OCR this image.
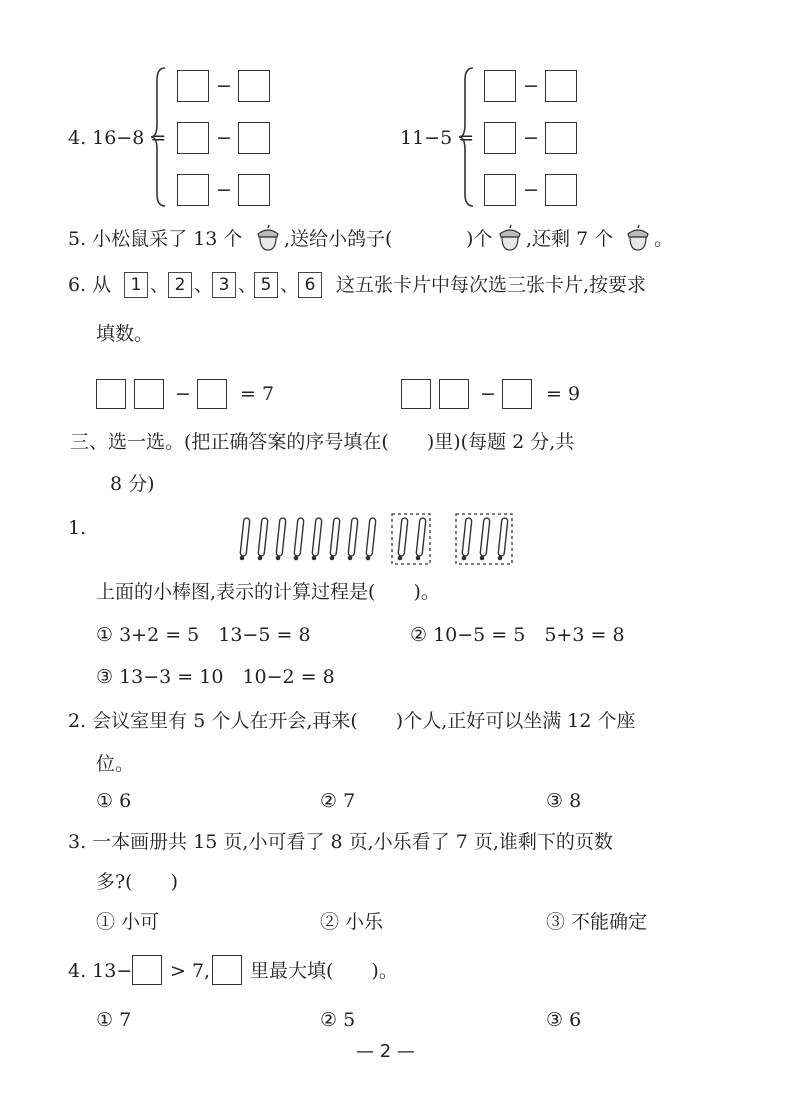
4. 16−8 =
−
−
−
11−5 =
−
−
−
5. 小松鼠采了 13 个 ,送给小鸽子(	)个 ,还剩 7 个 。
6. 从	1 、 2 、 3 、 5 、 6	这五张卡片中每次选三张卡片,按要求
填数。
−	= 7	−	= 9
三、选一选。(把正确答案的序号填在(　　)里)(每题 2 分,共
8 分)
1.
上面的小棒图,表示的计算过程是(　　)。
① 3+2 = 5　13−5 = 8	② 10−5 = 5　5+3 = 8
③ 13−3 = 10　10−2 = 8
2. 会议室里有 5 个人在开会,再来(　　)个人,正好可以坐满 12 个座
位。
① 6	② 7	③ 8
3. 一本画册共 15 页,小可看了 8 页,小乐看了 7 页,谁剩下的页数
多?(　　)
① 小可	② 小乐	③ 不能确定
4. 13− > 7, 里最大填(　　)。
① 7	② 5	③ 6
— 2 —
